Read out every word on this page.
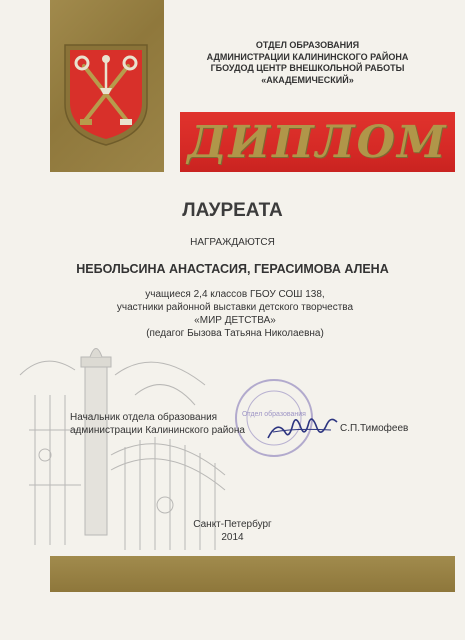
ОТДЕЛ ОБРАЗОВАНИЯ
АДМИНИСТРАЦИИ КАЛИНИНСКОГО РАЙОНА
ГБОУДОД ЦЕНТР ВНЕШКОЛЬНОЙ РАБОТЫ
«АКАДЕМИЧЕСКИЙ»
ДИПЛОМ
ЛАУРЕАТА
НАГРАЖДАЮТСЯ
НЕБОЛЬСИНА АНАСТАСИЯ, ГЕРАСИМОВА АЛЕНА
учащиеся 2,4 классов ГБОУ СОШ 138,
участники районной выставки детского творчества
«МИР ДЕТСТВА»
(педагог Бызова Татьяна Николаевна)
Отдел образования
Начальник отдела образования
администрации Калининского района	С.П.Тимофеев
Санкт-Петербург
2014
